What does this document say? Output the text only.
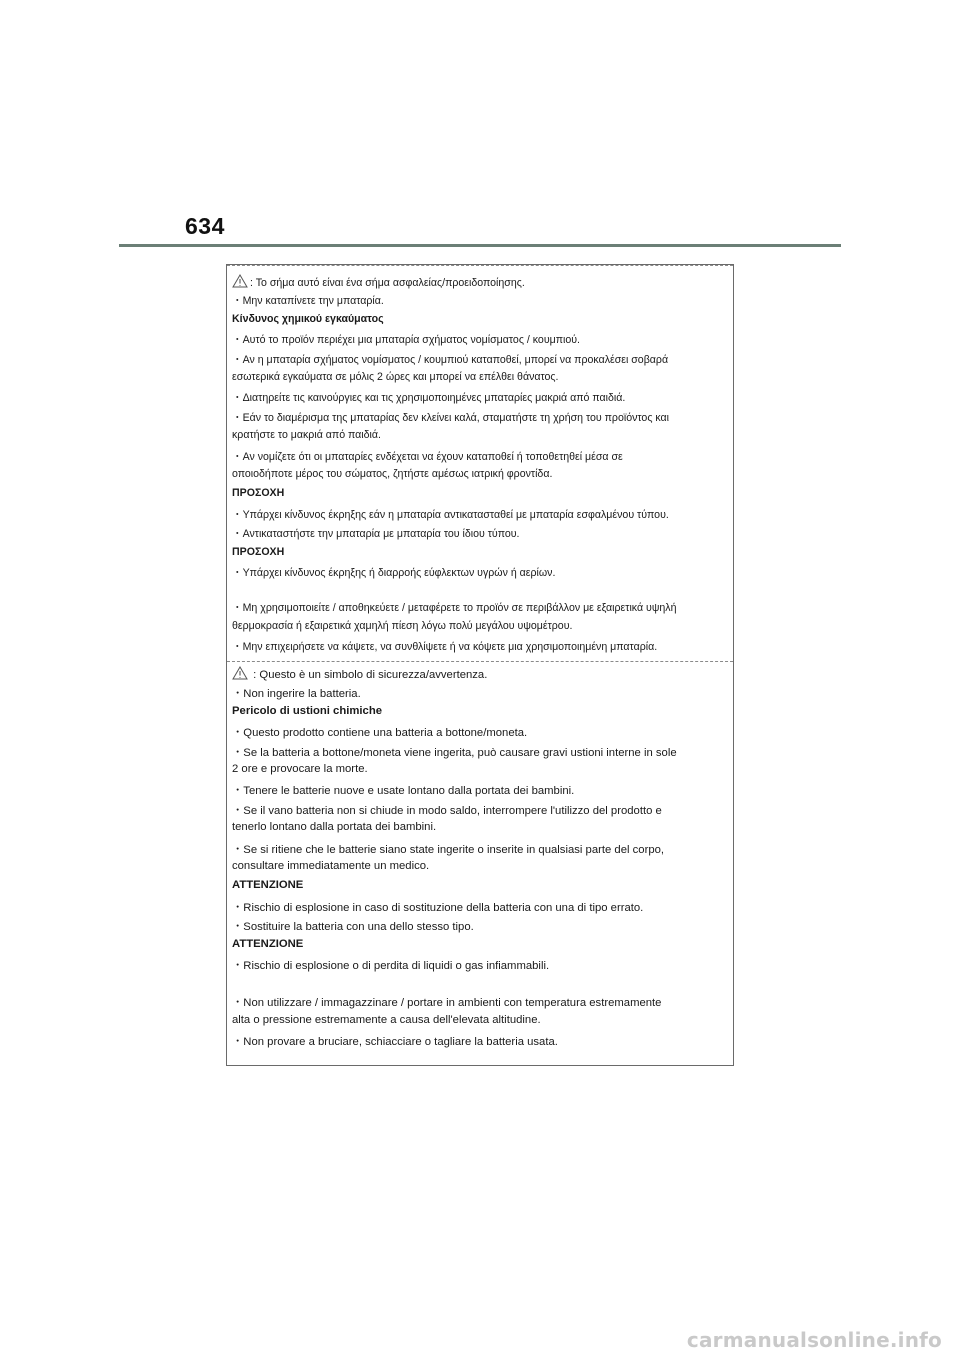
634
: Το σήμα αυτό είναι ένα σήμα ασφαλείας/προειδοποίησης.
・Μην καταπίνετε την μπαταρία.
Κίνδυνος χημικού εγκαύματος
・Αυτό το προϊόν περιέχει μια μπαταρία σχήματος νομίσματος / κουμπιού.
・Αν η μπαταρία σχήματος νομίσματος / κουμπιού καταποθεί, μπορεί να προκαλέσει σοβαρά
εσωτερικά εγκαύματα σε μόλις 2 ώρες και μπορεί να επέλθει θάνατος.
・Διατηρείτε τις καινούργιες και τις χρησιμοποιημένες μπαταρίες μακριά από παιδιά.
・Εάν το διαμέρισμα της μπαταρίας δεν κλείνει καλά, σταματήστε τη χρήση του προϊόντος και
κρατήστε το μακριά από παιδιά.
・Αν νομίζετε ότι οι μπαταρίες ενδέχεται να έχουν καταποθεί ή τοποθετηθεί μέσα σε
οποιοδήποτε μέρος του σώματος, ζητήστε αμέσως ιατρική φροντίδα.
ΠΡΟΣΟΧΗ
・Υπάρχει κίνδυνος έκρηξης εάν η μπαταρία αντικατασταθεί με μπαταρία εσφαλμένου τύπου.
・Αντικαταστήστε την μπαταρία με μπαταρία του ίδιου τύπου.
ΠΡΟΣΟΧΗ
・Υπάρχει κίνδυνος έκρηξης ή διαρροής εύφλεκτων υγρών ή αερίων.
・Μη χρησιμοποιείτε / αποθηκεύετε / μεταφέρετε το προϊόν σε περιβάλλον με εξαιρετικά υψηλή
θερμοκρασία ή εξαιρετικά χαμηλή πίεση λόγω πολύ μεγάλου υψομέτρου.
・Μην επιχειρήσετε να κάψετε, να συνθλίψετε ή να κόψετε μια χρησιμοποιημένη μπαταρία.
: Questo è un simbolo di sicurezza/avvertenza.
・Non ingerire la batteria.
Pericolo di ustioni chimiche
・Questo prodotto contiene una batteria a bottone/moneta.
・Se la batteria a bottone/moneta viene ingerita, può causare gravi ustioni interne in sole
2 ore e provocare la morte.
・Tenere le batterie nuove e usate lontano dalla portata dei bambini.
・Se il vano batteria non si chiude in modo saldo, interrompere l'utilizzo del prodotto e
tenerlo lontano dalla portata dei bambini.
・Se si ritiene che le batterie siano state ingerite o inserite in qualsiasi parte del corpo,
consultare immediatamente un medico.
ATTENZIONE
・Rischio di esplosione in caso di sostituzione della batteria con una di tipo errato.
・Sostituire la batteria con una dello stesso tipo.
ATTENZIONE
・Rischio di esplosione o di perdita di liquidi o gas infiammabili.
・Non utilizzare / immagazzinare / portare in ambienti con temperatura estremamente
alta o pressione estremamente a causa dell'elevata altitudine.
・Non provare a bruciare, schiacciare o tagliare la batteria usata.
carmanualsonline.info
